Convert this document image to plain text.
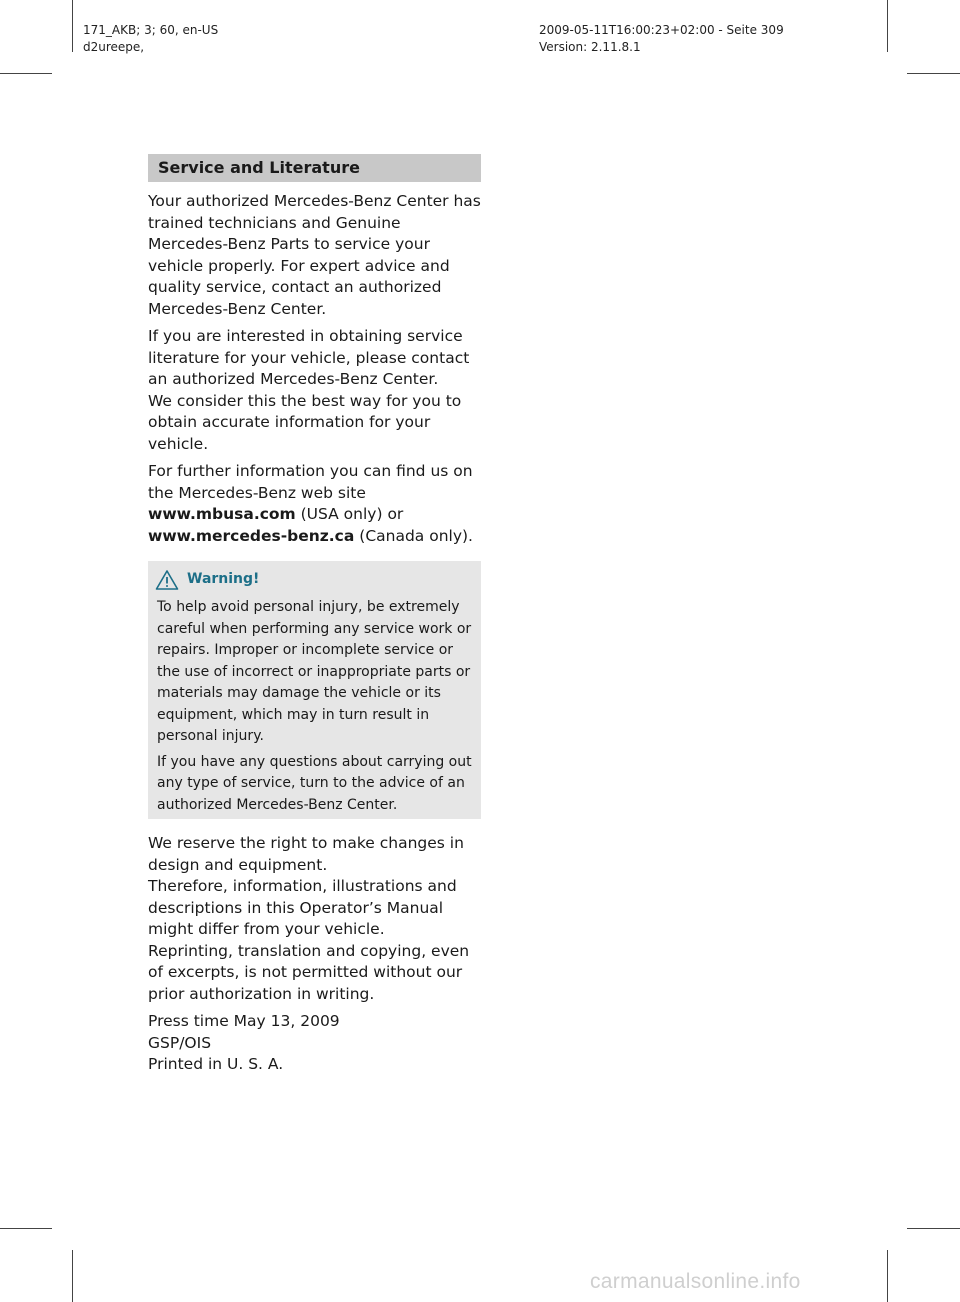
171_AKB; 3; 60, en-US
d2ureepe,
2009-05-11T16:00:23+02:00 - Seite 309
Version: 2.11.8.1
Service and Literature

Your authorized Mercedes-Benz Center has trained technicians and Genuine Mercedes-Benz Parts to service your vehicle properly. For expert advice and quality service, contact an authorized Mercedes-Benz Center.

If you are interested in obtaining service literature for your vehicle, please contact an authorized Mercedes-Benz Center.

We consider this the best way for you to obtain accurate information for your vehicle.

For further information you can find us on the Mercedes-Benz web site www.mbusa.com (USA only) or www.mercedes-benz.ca (Canada only).

Warning!

To help avoid personal injury, be extremely careful when performing any service work or repairs. Improper or incomplete service or the use of incorrect or inappropriate parts or materials may damage the vehicle or its equipment, which may in turn result in personal injury.

If you have any questions about carrying out any type of service, turn to the advice of an authorized Mercedes-Benz Center.

We reserve the right to make changes in design and equipment.

Therefore, information, illustrations and descriptions in this Operator’s Manual might differ from your vehicle.

Reprinting, translation and copying, even of excerpts, is not permitted without our prior authorization in writing.

Press time May 13, 2009

GSP/OIS

Printed in U. S. A.

carmanualsonline.info
